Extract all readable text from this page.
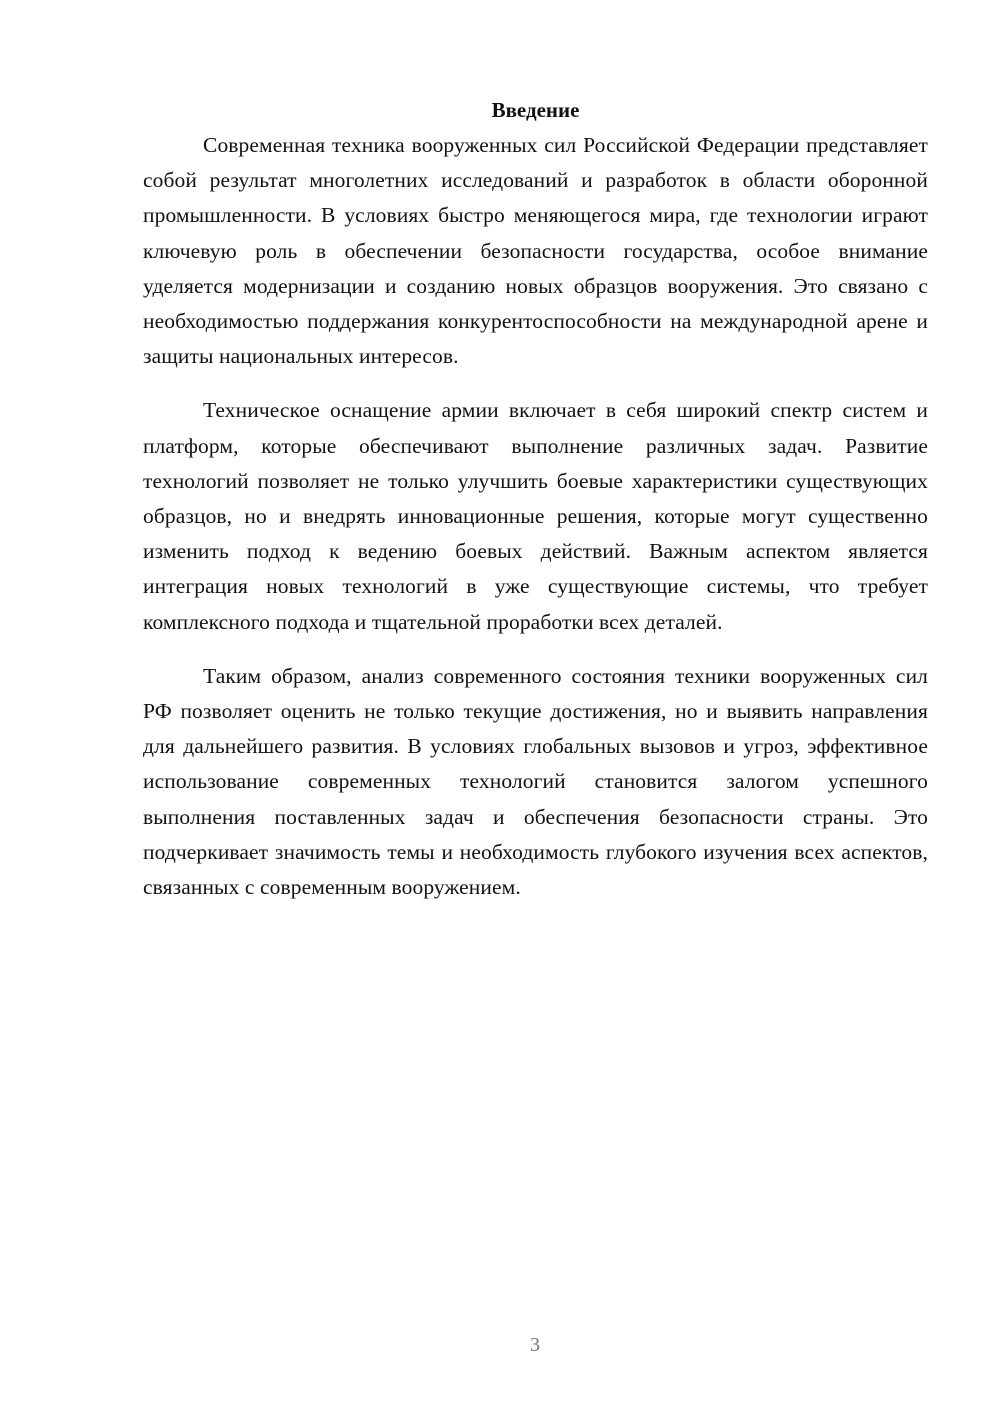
Введение

Современная техника вооруженных сил Российской Федерации представляет собой результат многолетних исследований и разработок в области оборонной промышленности. В условиях быстро меняющегося мира, где технологии играют ключевую роль в обеспечении безопасности государства, особое внимание уделяется модернизации и созданию новых образцов вооружения. Это связано с необходимостью поддержания конкурентоспособности на международной арене и защиты национальных интересов.

Техническое оснащение армии включает в себя широкий спектр систем и платформ, которые обеспечивают выполнение различных задач. Развитие технологий позволяет не только улучшить боевые характеристики существующих образцов, но и внедрять инновационные решения, которые могут существенно изменить подход к ведению боевых действий. Важным аспектом является интеграция новых технологий в уже существующие системы, что требует комплексного подхода и тщательной проработки всех деталей.

Таким образом, анализ современного состояния техники вооруженных сил РФ позволяет оценить не только текущие достижения, но и выявить направления для дальнейшего развития. В условиях глобальных вызовов и угроз, эффективное использование современных технологий становится залогом успешного выполнения поставленных задач и обеспечения безопасности страны. Это подчеркивает значимость темы и необходимость глубокого изучения всех аспектов, связанных с современным вооружением.

3
